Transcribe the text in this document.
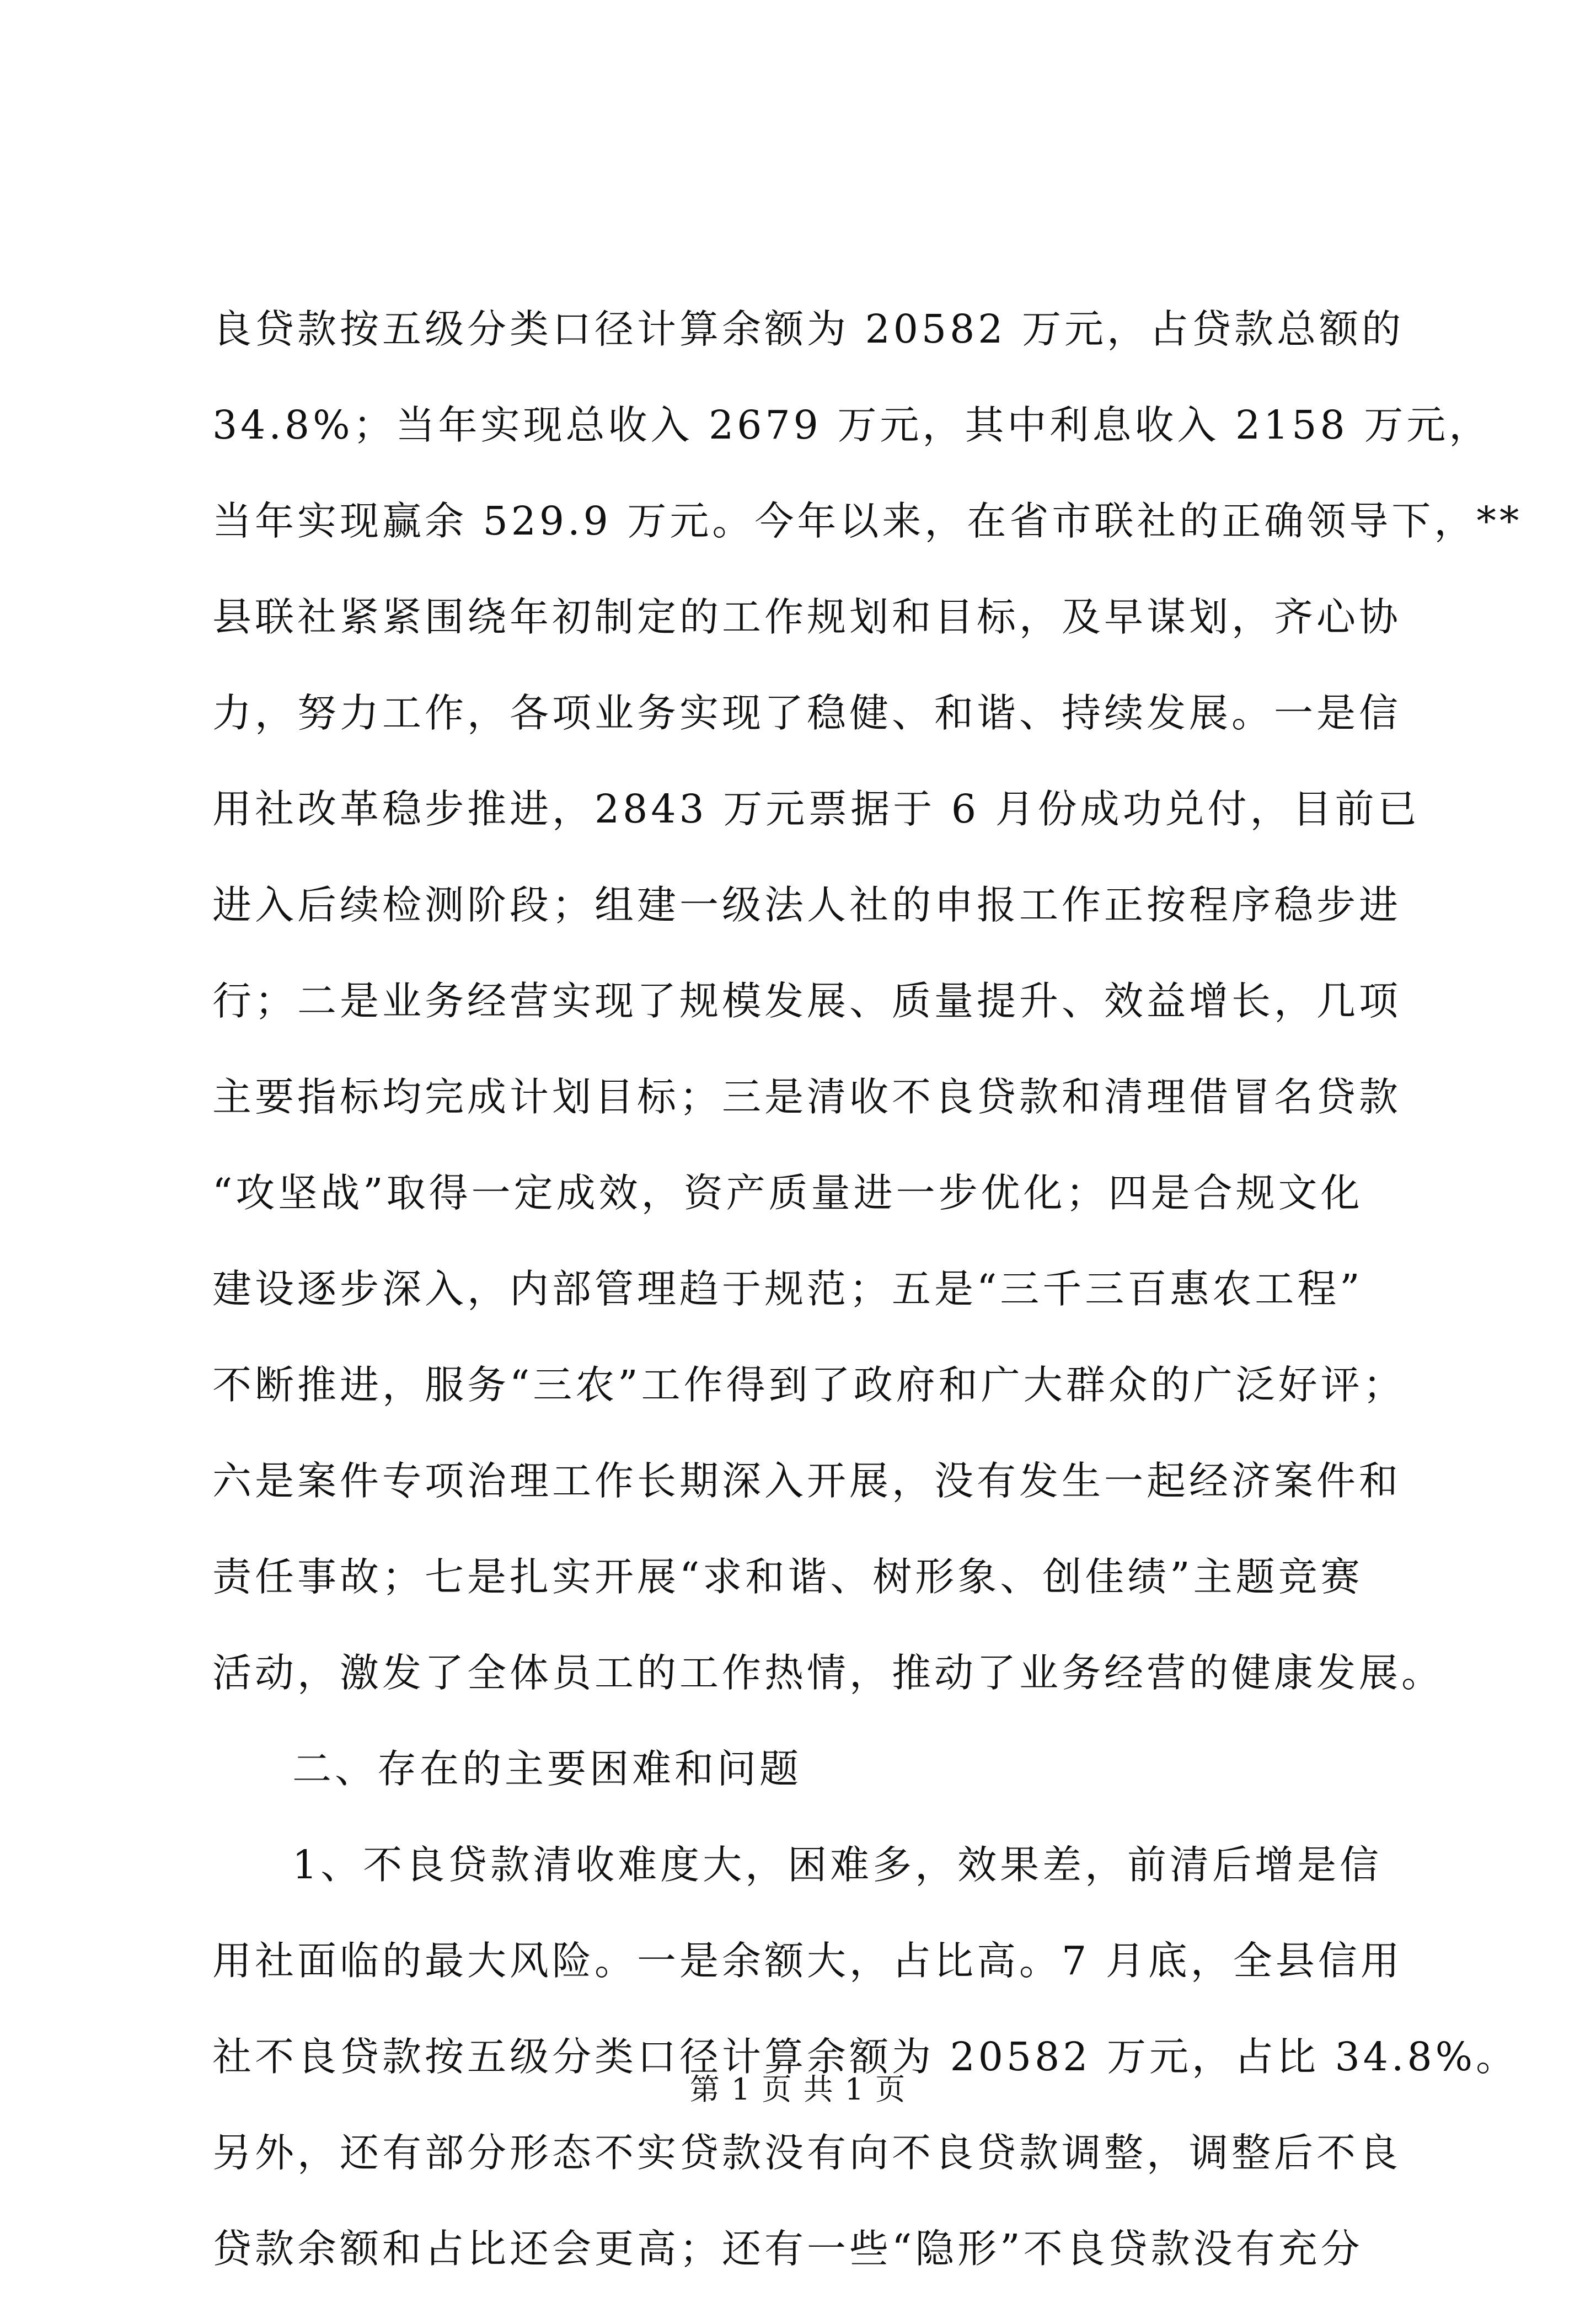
良贷款按五级分类口径计算余额为 20582 万元，占贷款总额的
34.8%；当年实现总收入 2679 万元，其中利息收入 2158 万元，
当年实现赢余 529.9 万元。今年以来，在省市联社的正确领导下，**
县联社紧紧围绕年初制定的工作规划和目标，及早谋划，齐心协
力，努力工作，各项业务实现了稳健、和谐、持续发展。一是信
用社改革稳步推进，2843 万元票据于 6 月份成功兑付，目前已
进入后续检测阶段；组建一级法人社的申报工作正按程序稳步进
行；二是业务经营实现了规模发展、质量提升、效益增长，几项
主要指标均完成计划目标；三是清收不良贷款和清理借冒名贷款
“攻坚战”取得一定成效，资产质量进一步优化；四是合规文化
建设逐步深入，内部管理趋于规范；五是“三千三百惠农工程”
不断推进，服务“三农”工作得到了政府和广大群众的广泛好评；
六是案件专项治理工作长期深入开展，没有发生一起经济案件和
责任事故；七是扎实开展“求和谐、树形象、创佳绩”主题竞赛
活动，激发了全体员工的工作热情，推动了业务经营的健康发展。
二、存在的主要困难和问题
1、不良贷款清收难度大，困难多，效果差，前清后增是信
用社面临的最大风险。一是余额大，占比高。7 月底，全县信用
社不良贷款按五级分类口径计算余额为 20582 万元，占比 34.8%。
另外，还有部分形态不实贷款没有向不良贷款调整，调整后不良
贷款余额和占比还会更高；还有一些“隐形”不良贷款没有充分
第 1 页 共 1 页
